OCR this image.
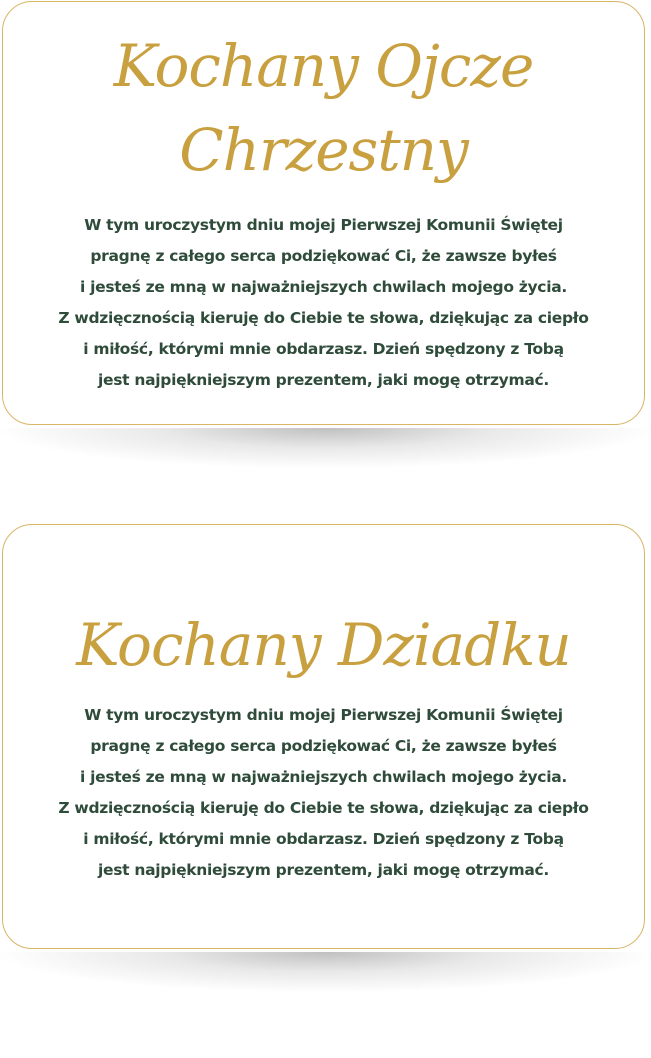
Kochany Ojcze
Chrzestny
W tym uroczystym dniu mojej Pierwszej Komunii Świętej
pragnę z całego serca podziękować Ci, że zawsze byłeś
i jesteś ze mną w najważniejszych chwilach mojego życia.
Z wdzięcznością kieruję do Ciebie te słowa, dziękując za ciepło
i miłość, którymi mnie obdarzasz. Dzień spędzony z Tobą
jest najpiękniejszym prezentem, jaki mogę otrzymać.
Kochany Dziadku
W tym uroczystym dniu mojej Pierwszej Komunii Świętej
pragnę z całego serca podziękować Ci, że zawsze byłeś
i jesteś ze mną w najważniejszych chwilach mojego życia.
Z wdzięcznością kieruję do Ciebie te słowa, dziękując za ciepło
i miłość, którymi mnie obdarzasz. Dzień spędzony z Tobą
jest najpiękniejszym prezentem, jaki mogę otrzymać.
